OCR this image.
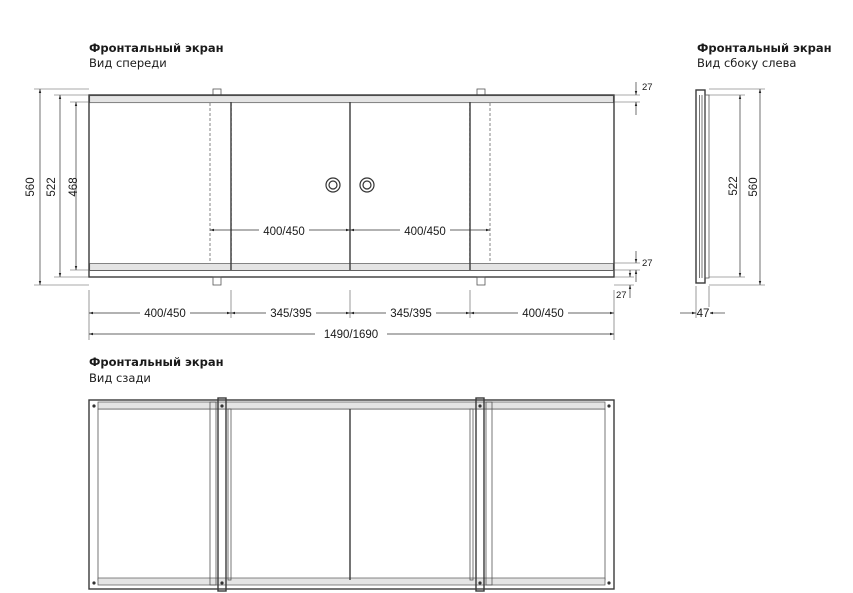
Фронтальный экран
Вид спереди
400/450	400/450
560 522 468
27
27
27
400/450	345/395	345/395	400/450
1490/1690
Фронтальный экран
Вид сбоку слева
522 560
47
Фронтальный экран
Вид сзади
